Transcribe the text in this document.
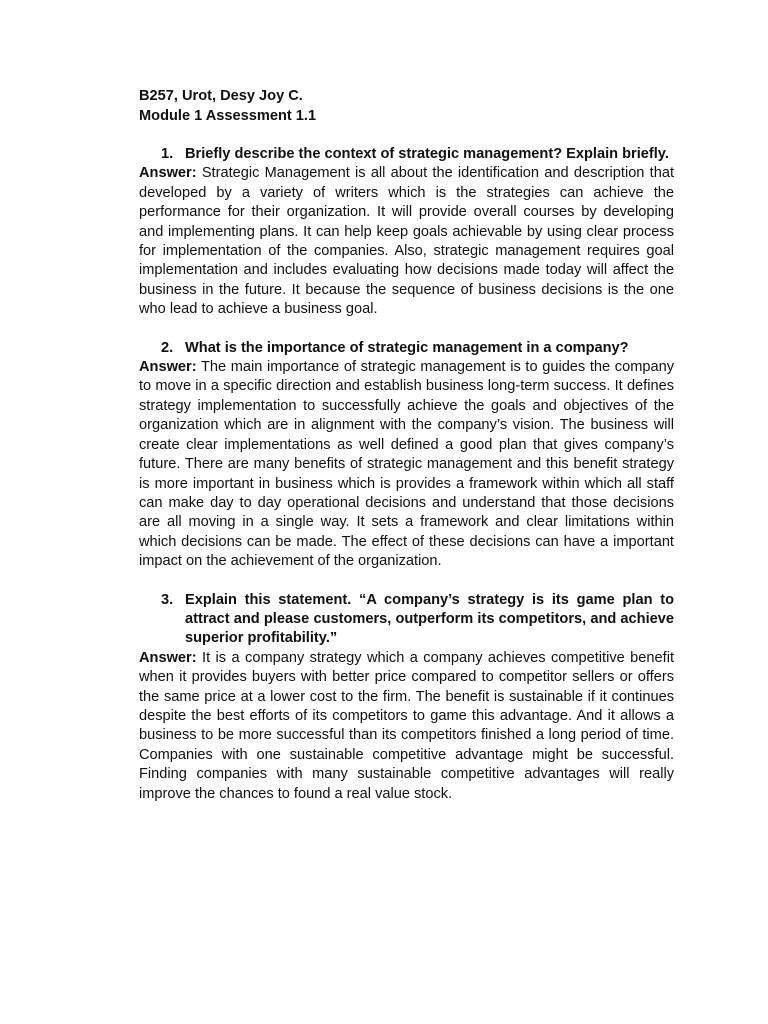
B257, Urot, Desy Joy C.

Module 1 Assessment 1.1

1. Briefly describe the context of strategic management? Explain briefly.

Answer: Strategic Management is all about the identification and description that developed by a variety of writers which is the strategies can achieve the performance for their organization. It will provide overall courses by developing and implementing plans. It can help keep goals achievable by using clear process for implementation of the companies. Also, strategic management requires goal implementation and includes evaluating how decisions made today will affect the business in the future. It because the sequence of business decisions is the one who lead to achieve a business goal.

2. What is the importance of strategic management in a company?

Answer: The main importance of strategic management is to guides the company to move in a specific direction and establish business long-term success. It defines strategy implementation to successfully achieve the goals and objectives of the organization which are in alignment with the company’s vision. The business will create clear implementations as well defined a good plan that gives company’s future. There are many benefits of strategic management and this benefit strategy is more important in business which is provides a framework within which all staff can make day to day operational decisions and understand that those decisions are all moving in a single way. It sets a framework and clear limitations within which decisions can be made. The effect of these decisions can have a important impact on the achievement of the organization.

3. Explain this statement. “A company’s strategy is its game plan to attract and please customers, outperform its competitors, and achieve superior profitability.”

Answer: It is a company strategy which a company achieves competitive benefit when it provides buyers with better price compared to competitor sellers or offers the same price at a lower cost to the firm. The benefit is sustainable if it continues despite the best efforts of its competitors to game this advantage. And it allows a business to be more successful than its competitors finished a long period of time. Companies with one sustainable competitive advantage might be successful. Finding companies with many sustainable competitive advantages will really improve the chances to found a real value stock.
